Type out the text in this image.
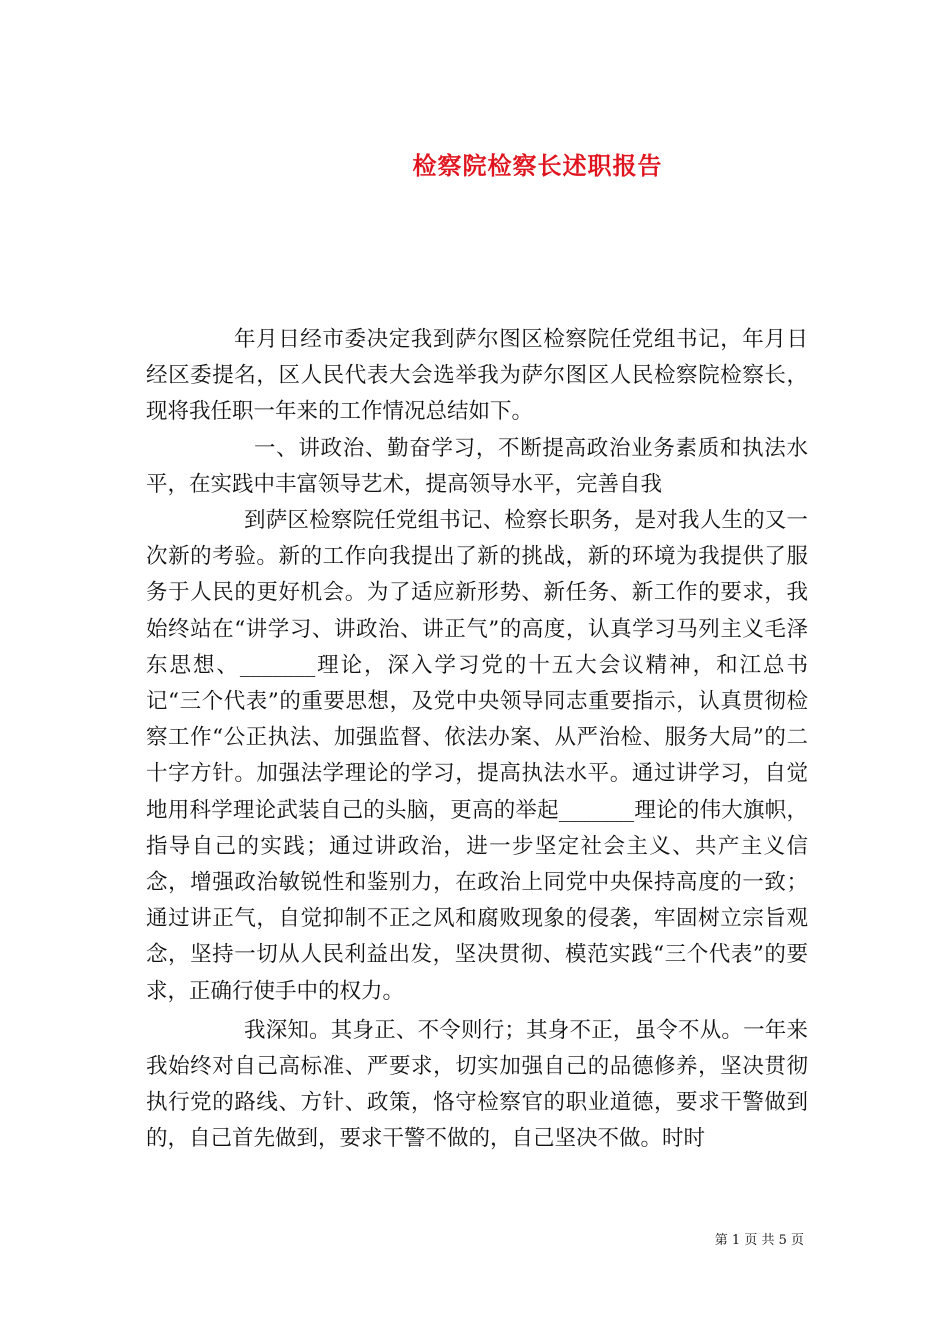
检察院检察长述职报告

年月日经市委决定我到萨尔图区检察院任党组书记，年月日经区委提名，区人民代表大会选举我为萨尔图区人民检察院检察长，现将我任职一年来的工作情况总结如下。

一、讲政治、勤奋学习，不断提高政治业务素质和执法水平，在实践中丰富领导艺术，提高领导水平，完善自我

到萨区检察院任党组书记、检察长职务，是对我人生的又一次新的考验。新的工作向我提出了新的挑战，新的环境为我提供了服务于人民的更好机会。为了适应新形势、新任务、新工作的要求，我始终站在“讲学习、讲政治、讲正气”的高度，认真学习马列主义毛泽东思想、_______理论，深入学习党的十五大会议精神，和江总书记“三个代表”的重要思想，及党中央领导同志重要指示，认真贯彻检察工作“公正执法、加强监督、依法办案、从严治检、服务大局”的二十字方针。加强法学理论的学习，提高执法水平。通过讲学习，自觉地用科学理论武装自己的头脑，更高的举起_______理论的伟大旗帜，指导自己的实践；通过讲政治，进一步坚定社会主义、共产主义信念，增强政治敏锐性和鉴别力，在政治上同党中央保持高度的一致；通过讲正气，自觉抑制不正之风和腐败现象的侵袭，牢固树立宗旨观念，坚持一切从人民利益出发，坚决贯彻、模范实践“三个代表”的要求，正确行使手中的权力。

我深知。其身正、不令则行；其身不正，虽令不从。一年来我始终对自己高标准、严要求，切实加强自己的品德修养，坚决贯彻执行党的路线、方针、政策，恪守检察官的职业道德，要求干警做到的，自己首先做到，要求干警不做的，自己坚决不做。时时

第 1 页 共 5 页
